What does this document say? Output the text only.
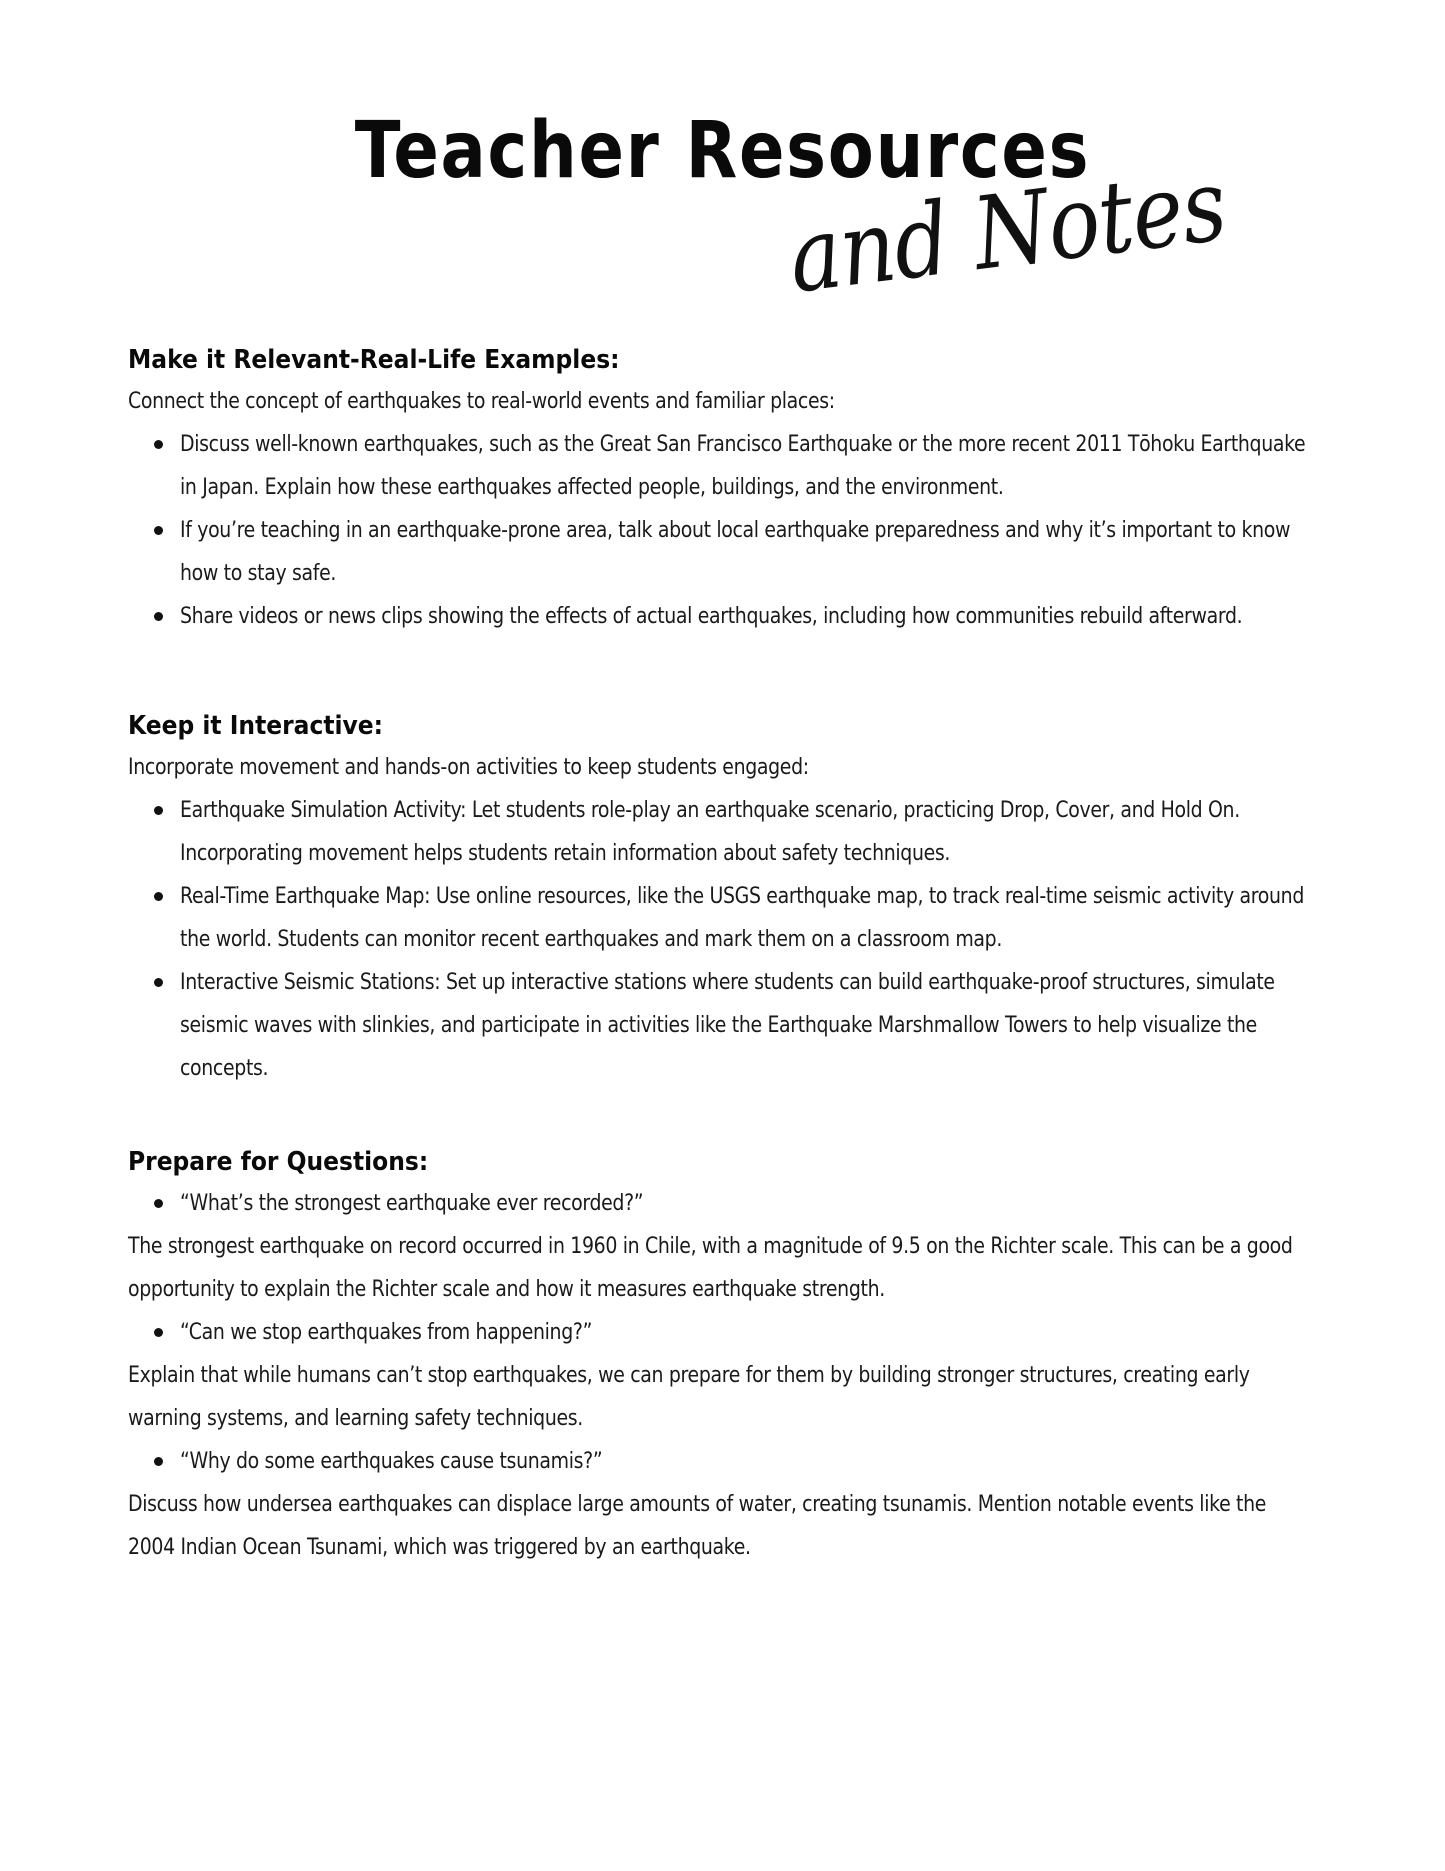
Teacher Resources
and Notes
Make it Relevant-Real-Life Examples:

Connect the concept of earthquakes to real-world events and familiar places:

Discuss well-known earthquakes, such as the Great San Francisco Earthquake or the more recent 2011 Tōhoku Earthquake in Japan. Explain how these earthquakes affected people, buildings, and the environment.
If you’re teaching in an earthquake-prone area, talk about local earthquake preparedness and why it’s important to know how to stay safe.
Share videos or news clips showing the effects of actual earthquakes, including how communities rebuild afterward.
Keep it Interactive:

Incorporate movement and hands-on activities to keep students engaged:

Earthquake Simulation Activity: Let students role-play an earthquake scenario, practicing Drop, Cover, and Hold On. Incorporating movement helps students retain information about safety techniques.
Real-Time Earthquake Map: Use online resources, like the USGS earthquake map, to track real-time seismic activity around the world. Students can monitor recent earthquakes and mark them on a classroom map.
Interactive Seismic Stations: Set up interactive stations where students can build earthquake-proof structures, simulate seismic waves with slinkies, and participate in activities like the Earthquake Marshmallow Towers to help visualize the concepts.
Prepare for Questions:
“What’s the strongest earthquake ever recorded?”

The strongest earthquake on record occurred in 1960 in Chile, with a magnitude of 9.5 on the Richter scale. This can be a good opportunity to explain the Richter scale and how it measures earthquake strength.

“Can we stop earthquakes from happening?”

Explain that while humans can’t stop earthquakes, we can prepare for them by building stronger structures, creating early warning systems, and learning safety techniques.

“Why do some earthquakes cause tsunamis?”

Discuss how undersea earthquakes can displace large amounts of water, creating tsunamis. Mention notable events like the 2004 Indian Ocean Tsunami, which was triggered by an earthquake.
